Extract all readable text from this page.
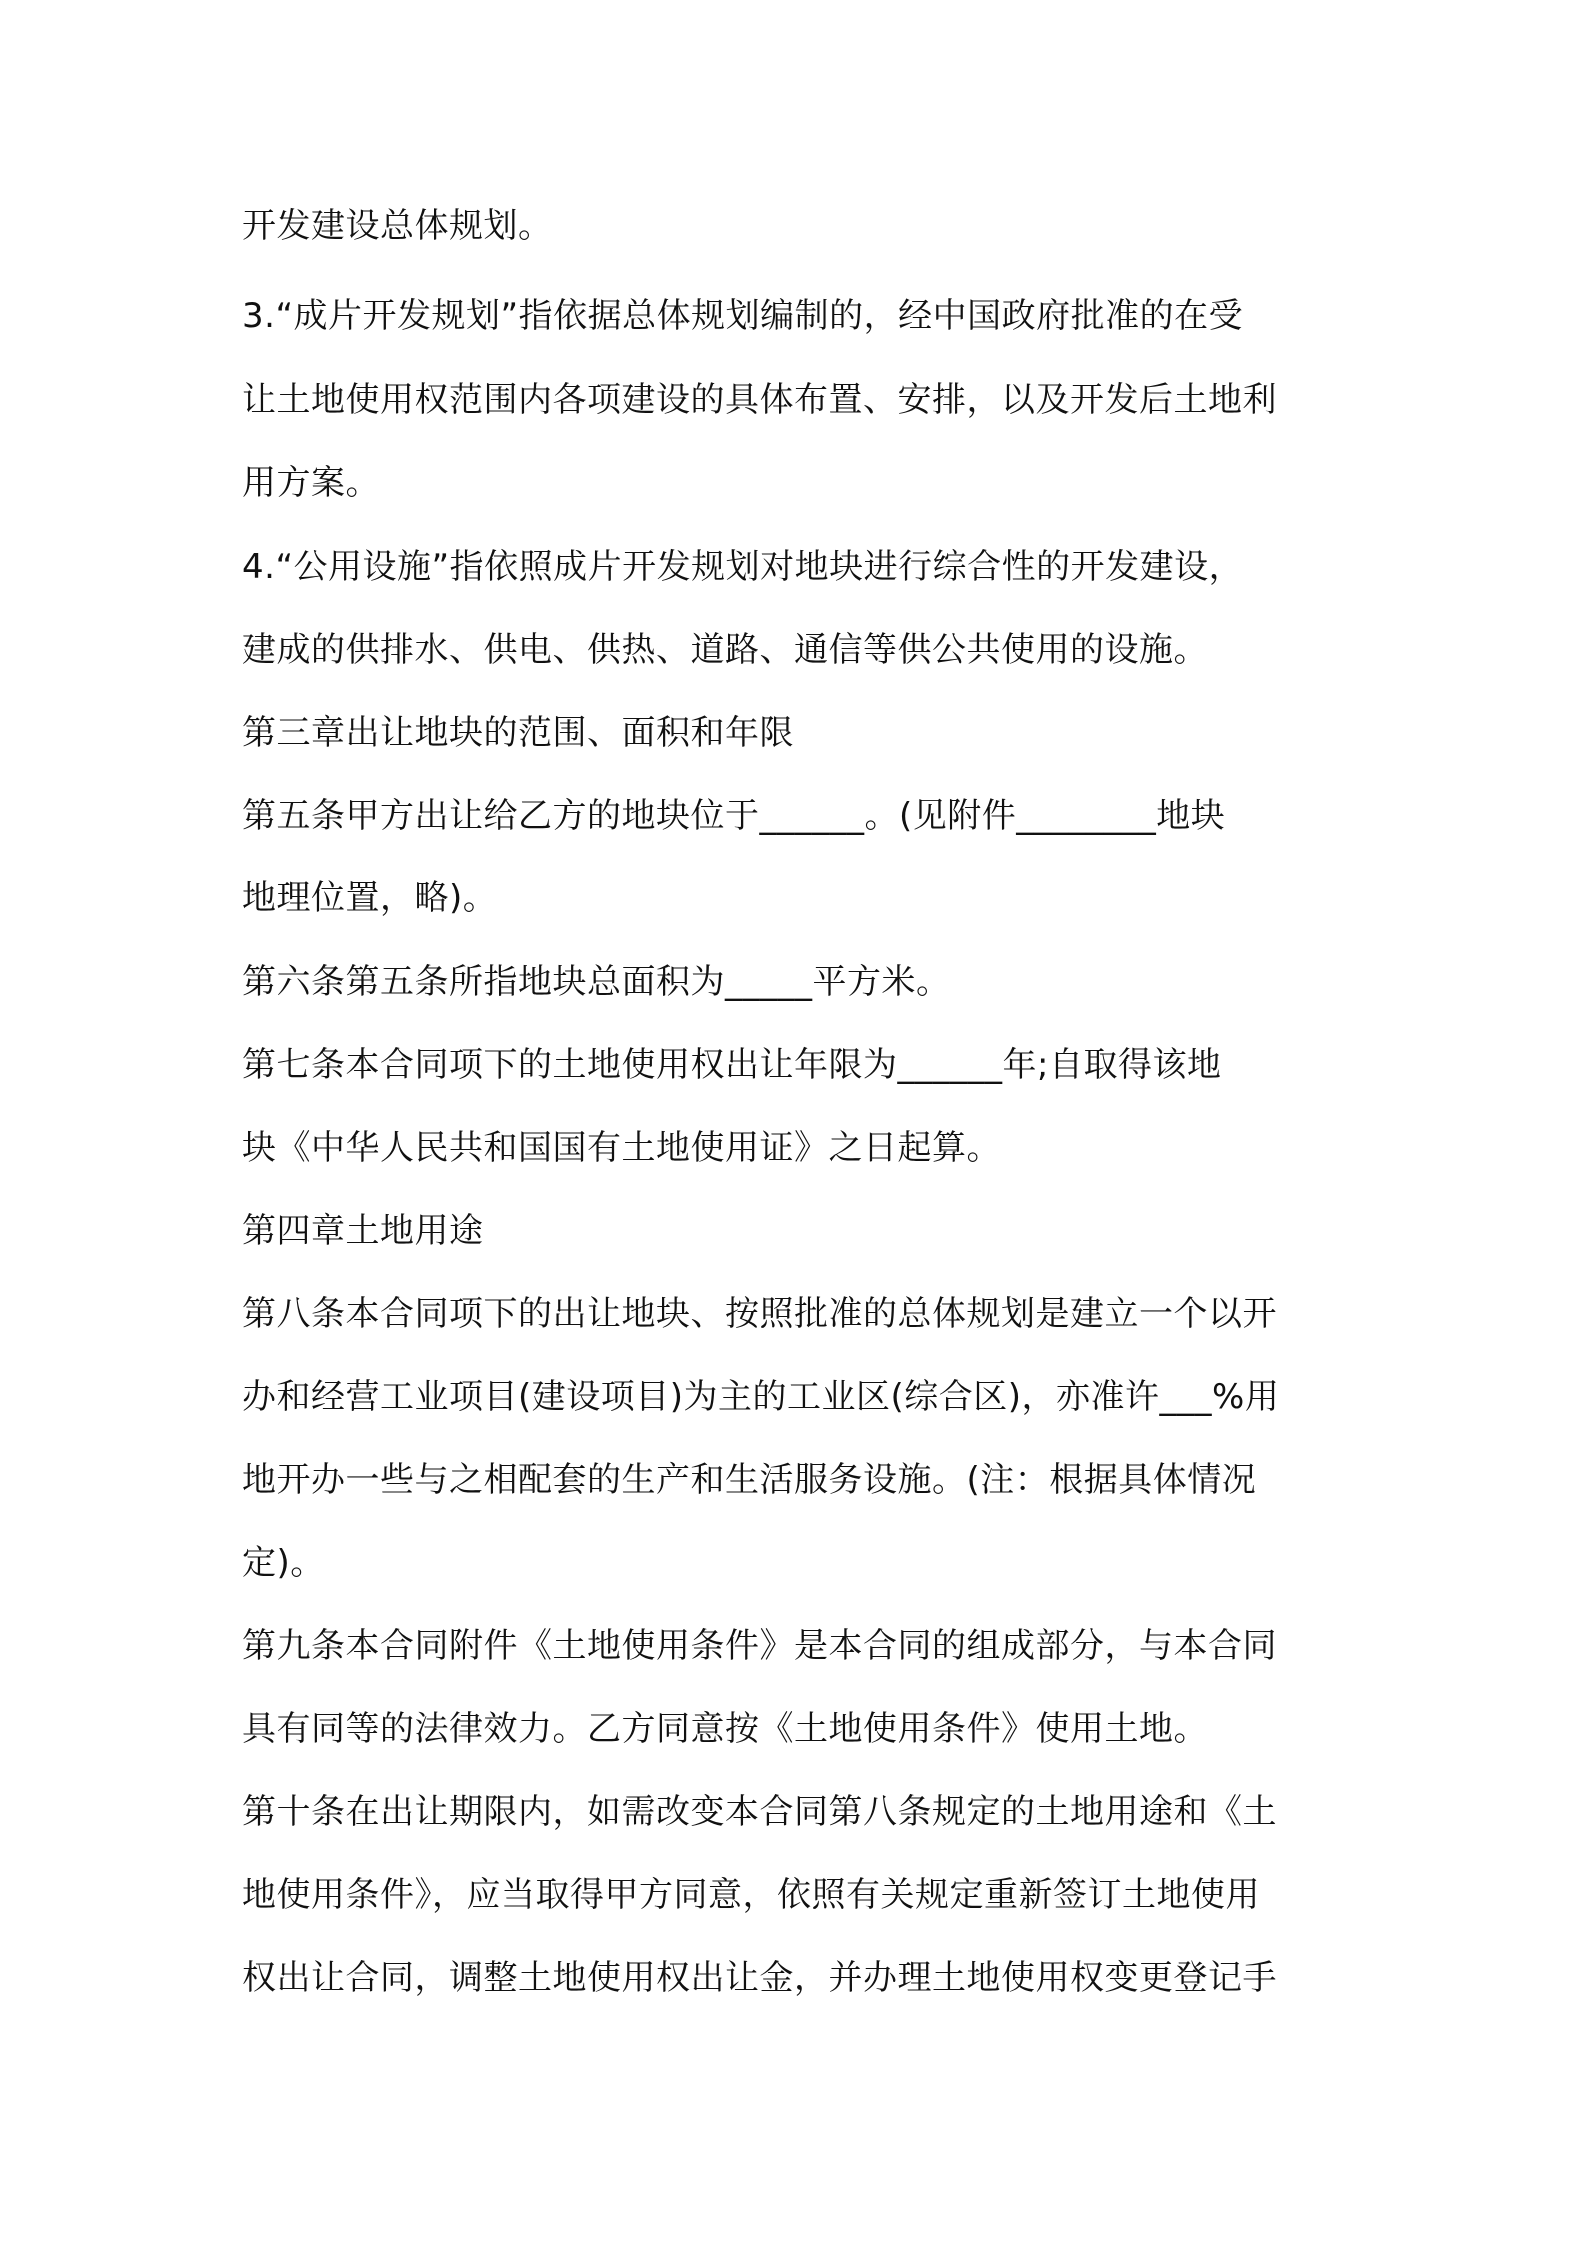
开发建设总体规划。
3.“成片开发规划”指依据总体规划编制的，经中国政府批准的在受
让土地使用权范围内各项建设的具体布置、安排，以及开发后土地利
用方案。
4.“公用设施”指依照成片开发规划对地块进行综合性的开发建设，
建成的供排水、供电、供热、道路、通信等供公共使用的设施。
第三章出让地块的范围、面积和年限
第五条甲方出让给乙方的地块位于______。(见附件________地块
地理位置，略)。
第六条第五条所指地块总面积为_____平方米。
第七条本合同项下的土地使用权出让年限为______年;自取得该地
块《中华人民共和国国有土地使用证》之日起算。
第四章土地用途
第八条本合同项下的出让地块、按照批准的总体规划是建立一个以开
办和经营工业项目(建设项目)为主的工业区(综合区)，亦准许___%用
地开办一些与之相配套的生产和生活服务设施。(注：根据具体情况
定)。
第九条本合同附件《土地使用条件》是本合同的组成部分，与本合同
具有同等的法律效力。乙方同意按《土地使用条件》使用土地。
第十条在出让期限内，如需改变本合同第八条规定的土地用途和《土
地使用条件》，应当取得甲方同意，依照有关规定重新签订土地使用
权出让合同，调整土地使用权出让金，并办理土地使用权变更登记手
